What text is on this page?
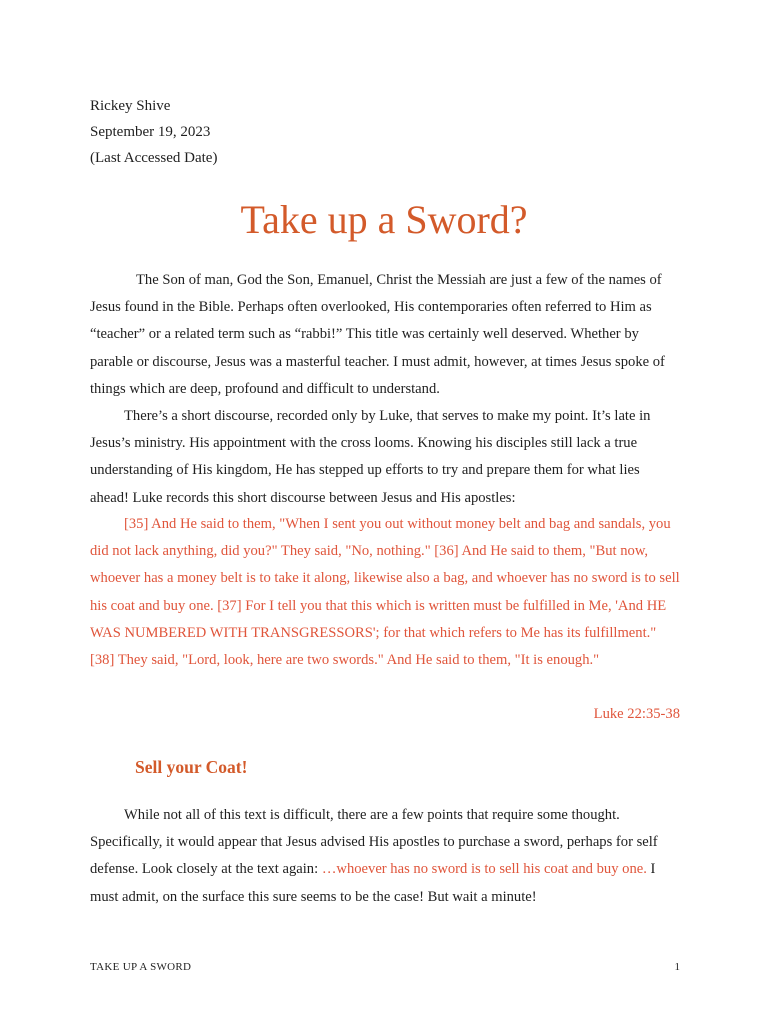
Rickey Shive
September 19, 2023
(Last Accessed Date)
Take up a Sword?

The Son of man, God the Son, Emanuel, Christ the Messiah are just a few of the names of Jesus found in the Bible. Perhaps often overlooked, His contemporaries often referred to Him as “teacher” or a related term such as “rabbi!” This title was certainly well deserved. Whether by parable or discourse, Jesus was a masterful teacher. I must admit, however, at times Jesus spoke of things which are deep, profound and difficult to understand.

There’s a short discourse, recorded only by Luke, that serves to make my point. It’s late in Jesus’s ministry. His appointment with the cross looms. Knowing his disciples still lack a true understanding of His kingdom, He has stepped up efforts to try and prepare them for what lies ahead! Luke records this short discourse between Jesus and His apostles:

[35] And He said to them, "When I sent you out without money belt and bag and sandals, you did not lack anything, did you?" They said, "No, nothing." [36] And He said to them, "But now, whoever has a money belt is to take it along, likewise also a bag, and whoever has no sword is to sell his coat and buy one. [37] For I tell you that this which is written must be fulfilled in Me, 'And HE WAS NUMBERED WITH TRANSGRESSORS'; for that which refers to Me has its fulfillment." [38] They said, "Lord, look, here are two swords." And He said to them, "It is enough."

Luke 22:35-38
Sell your Coat!

While not all of this text is difficult, there are a few points that require some thought. Specifically, it would appear that Jesus advised His apostles to purchase a sword, perhaps for self defense. Look closely at the text again: …whoever has no sword is to sell his coat and buy one. I must admit, on the surface this sure seems to be the case! But wait a minute!

TAKE UP A SWORD	1
